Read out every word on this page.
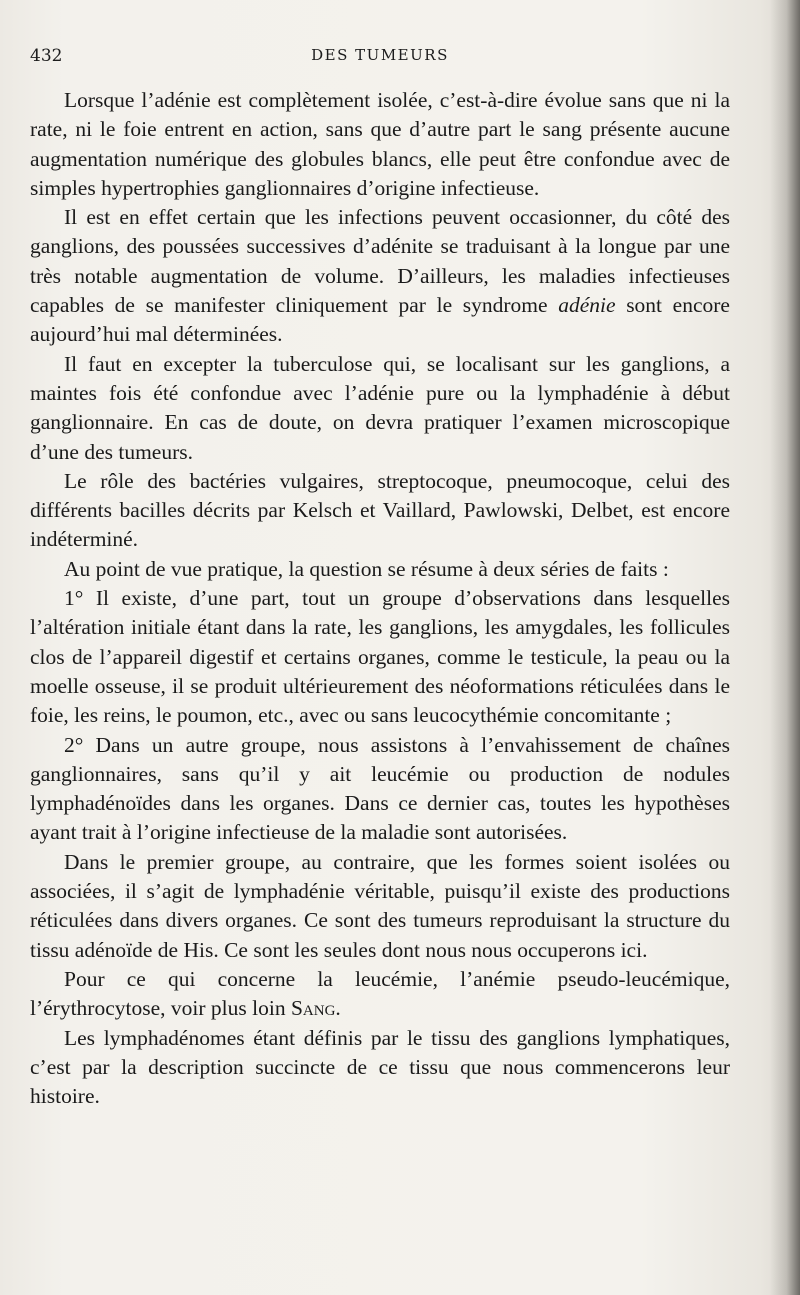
432	DES TUMEURS

Lorsque l’adénie est complètement isolée, c’est-à-dire évolue sans que ni la rate, ni le foie entrent en action, sans que d’autre part le sang présente aucune augmentation numérique des globules blancs, elle peut être confondue avec de simples hypertrophies ganglionnaires d’origine infectieuse.

Il est en effet certain que les infections peuvent occasionner, du côté des ganglions, des poussées successives d’adénite se traduisant à la longue par une très notable augmentation de volume. D’ailleurs, les maladies infectieuses capables de se manifester cliniquement par le syndrome adénie sont encore aujourd’hui mal déterminées.

Il faut en excepter la tuberculose qui, se localisant sur les ganglions, a maintes fois été confondue avec l’adénie pure ou la lymphadénie à début ganglionnaire. En cas de doute, on devra pratiquer l’examen microscopique d’une des tumeurs.

Le rôle des bactéries vulgaires, streptocoque, pneumocoque, celui des différents bacilles décrits par Kelsch et Vaillard, Pawlowski, Delbet, est encore indéterminé.

Au point de vue pratique, la question se résume à deux séries de faits :

1° Il existe, d’une part, tout un groupe d’observations dans lesquelles l’altération initiale étant dans la rate, les ganglions, les amygdales, les follicules clos de l’appareil digestif et certains organes, comme le testicule, la peau ou la moelle osseuse, il se produit ultérieurement des néoformations réticulées dans le foie, les reins, le poumon, etc., avec ou sans leucocythémie concomitante ;

2° Dans un autre groupe, nous assistons à l’envahissement de chaînes ganglionnaires, sans qu’il y ait leucémie ou production de nodules lymphadénoïdes dans les organes. Dans ce dernier cas, toutes les hypothèses ayant trait à l’origine infectieuse de la maladie sont autorisées.

Dans le premier groupe, au contraire, que les formes soient isolées ou associées, il s’agit de lymphadénie véritable, puisqu’il existe des productions réticulées dans divers organes. Ce sont des tumeurs reproduisant la structure du tissu adénoïde de His. Ce sont les seules dont nous nous occuperons ici.

Pour ce qui concerne la leucémie, l’anémie pseudo-leucémique, l’érythrocytose, voir plus loin Sang.

Les lymphadénomes étant définis par le tissu des ganglions lymphatiques, c’est par la description succincte de ce tissu que nous commencerons leur histoire.
